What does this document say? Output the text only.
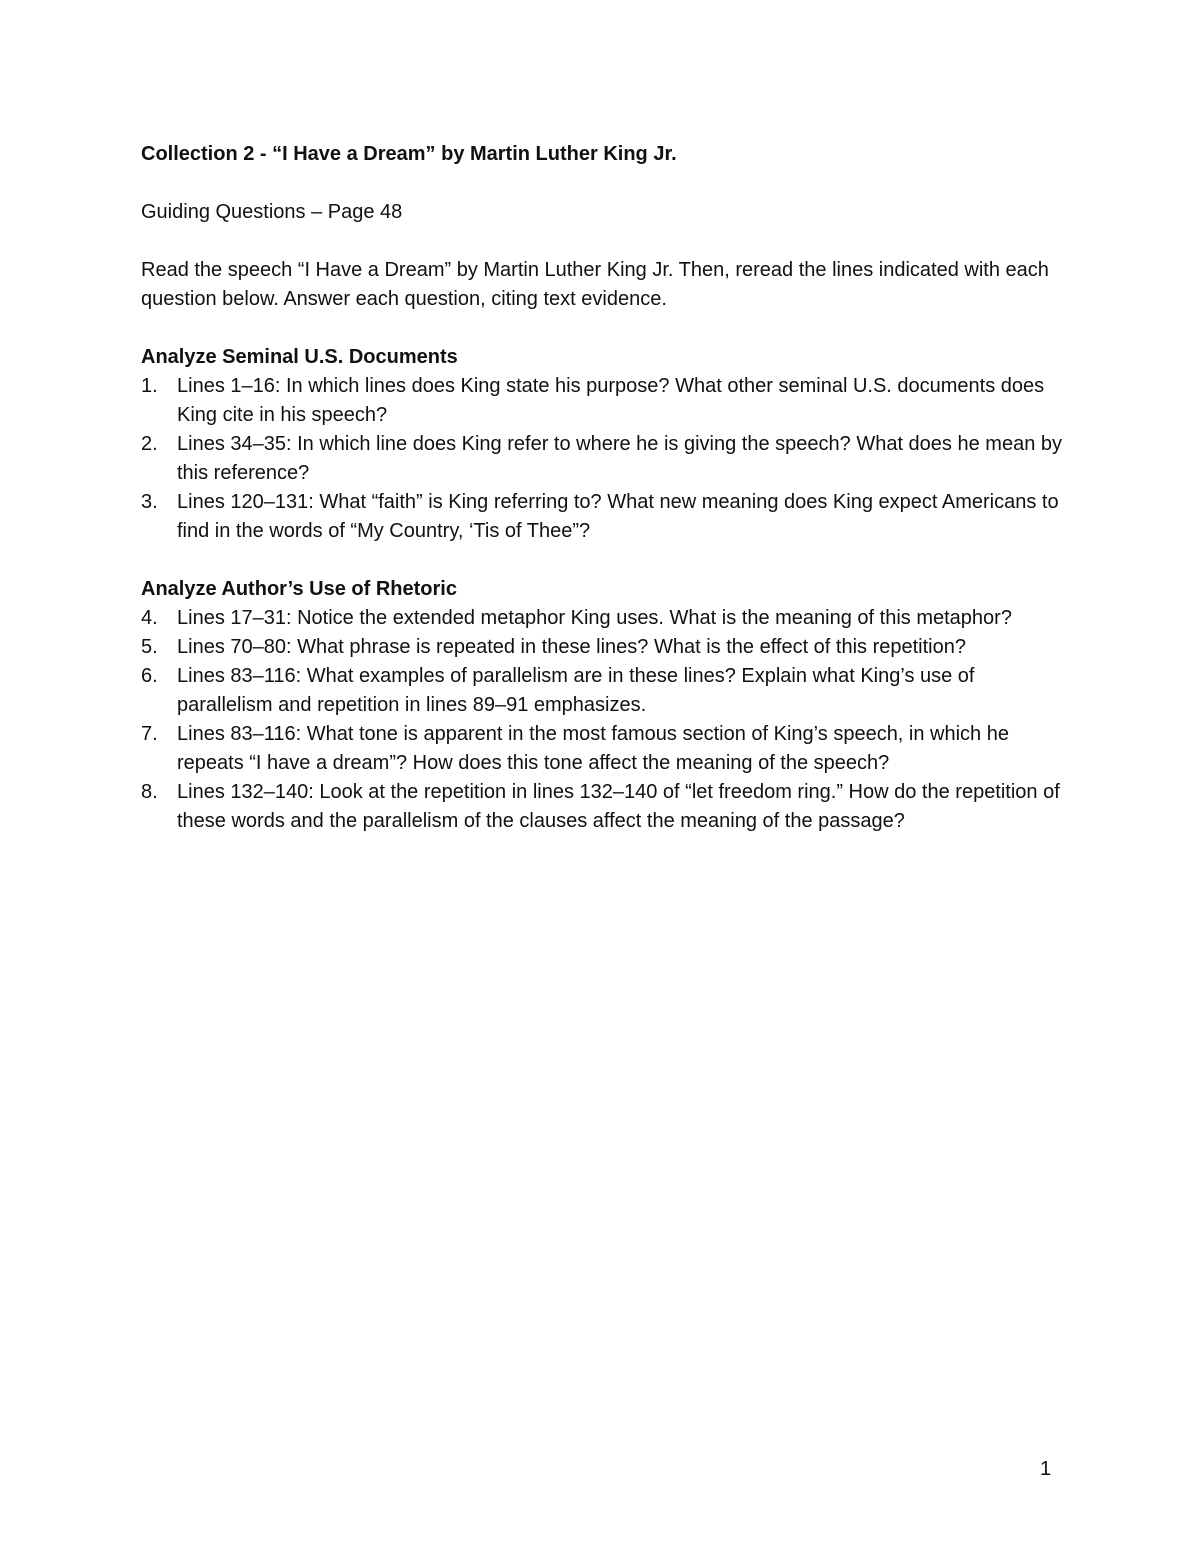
Collection 2 - “I Have a Dream” by Martin Luther King Jr.

Guiding Questions – Page 48

Read the speech “I Have a Dream” by Martin Luther King Jr. Then, reread the lines indicated with each question below. Answer each question, citing text evidence.

Analyze Seminal U.S. Documents

1. Lines 1–16: In which lines does King state his purpose? What other seminal U.S. documents does King cite in his speech?
2. Lines 34–35: In which line does King refer to where he is giving the speech? What does he mean by this reference?
3. Lines 120–131: What “faith” is King referring to? What new meaning does King expect Americans to find in the words of “My Country, ‘Tis of Thee”?

Analyze Author’s Use of Rhetoric

4. Lines 17–31: Notice the extended metaphor King uses. What is the meaning of this metaphor?
5. Lines 70–80: What phrase is repeated in these lines? What is the effect of this repetition?
6. Lines 83–116: What examples of parallelism are in these lines? Explain what King’s use of parallelism and repetition in lines 89–91 emphasizes.
7. Lines 83–116: What tone is apparent in the most famous section of King’s speech, in which he repeats “I have a dream”? How does this tone affect the meaning of the speech?
8. Lines 132–140: Look at the repetition in lines 132–140 of “let freedom ring.” How do the repetition of these words and the parallelism of the clauses affect the meaning of the passage?
1
